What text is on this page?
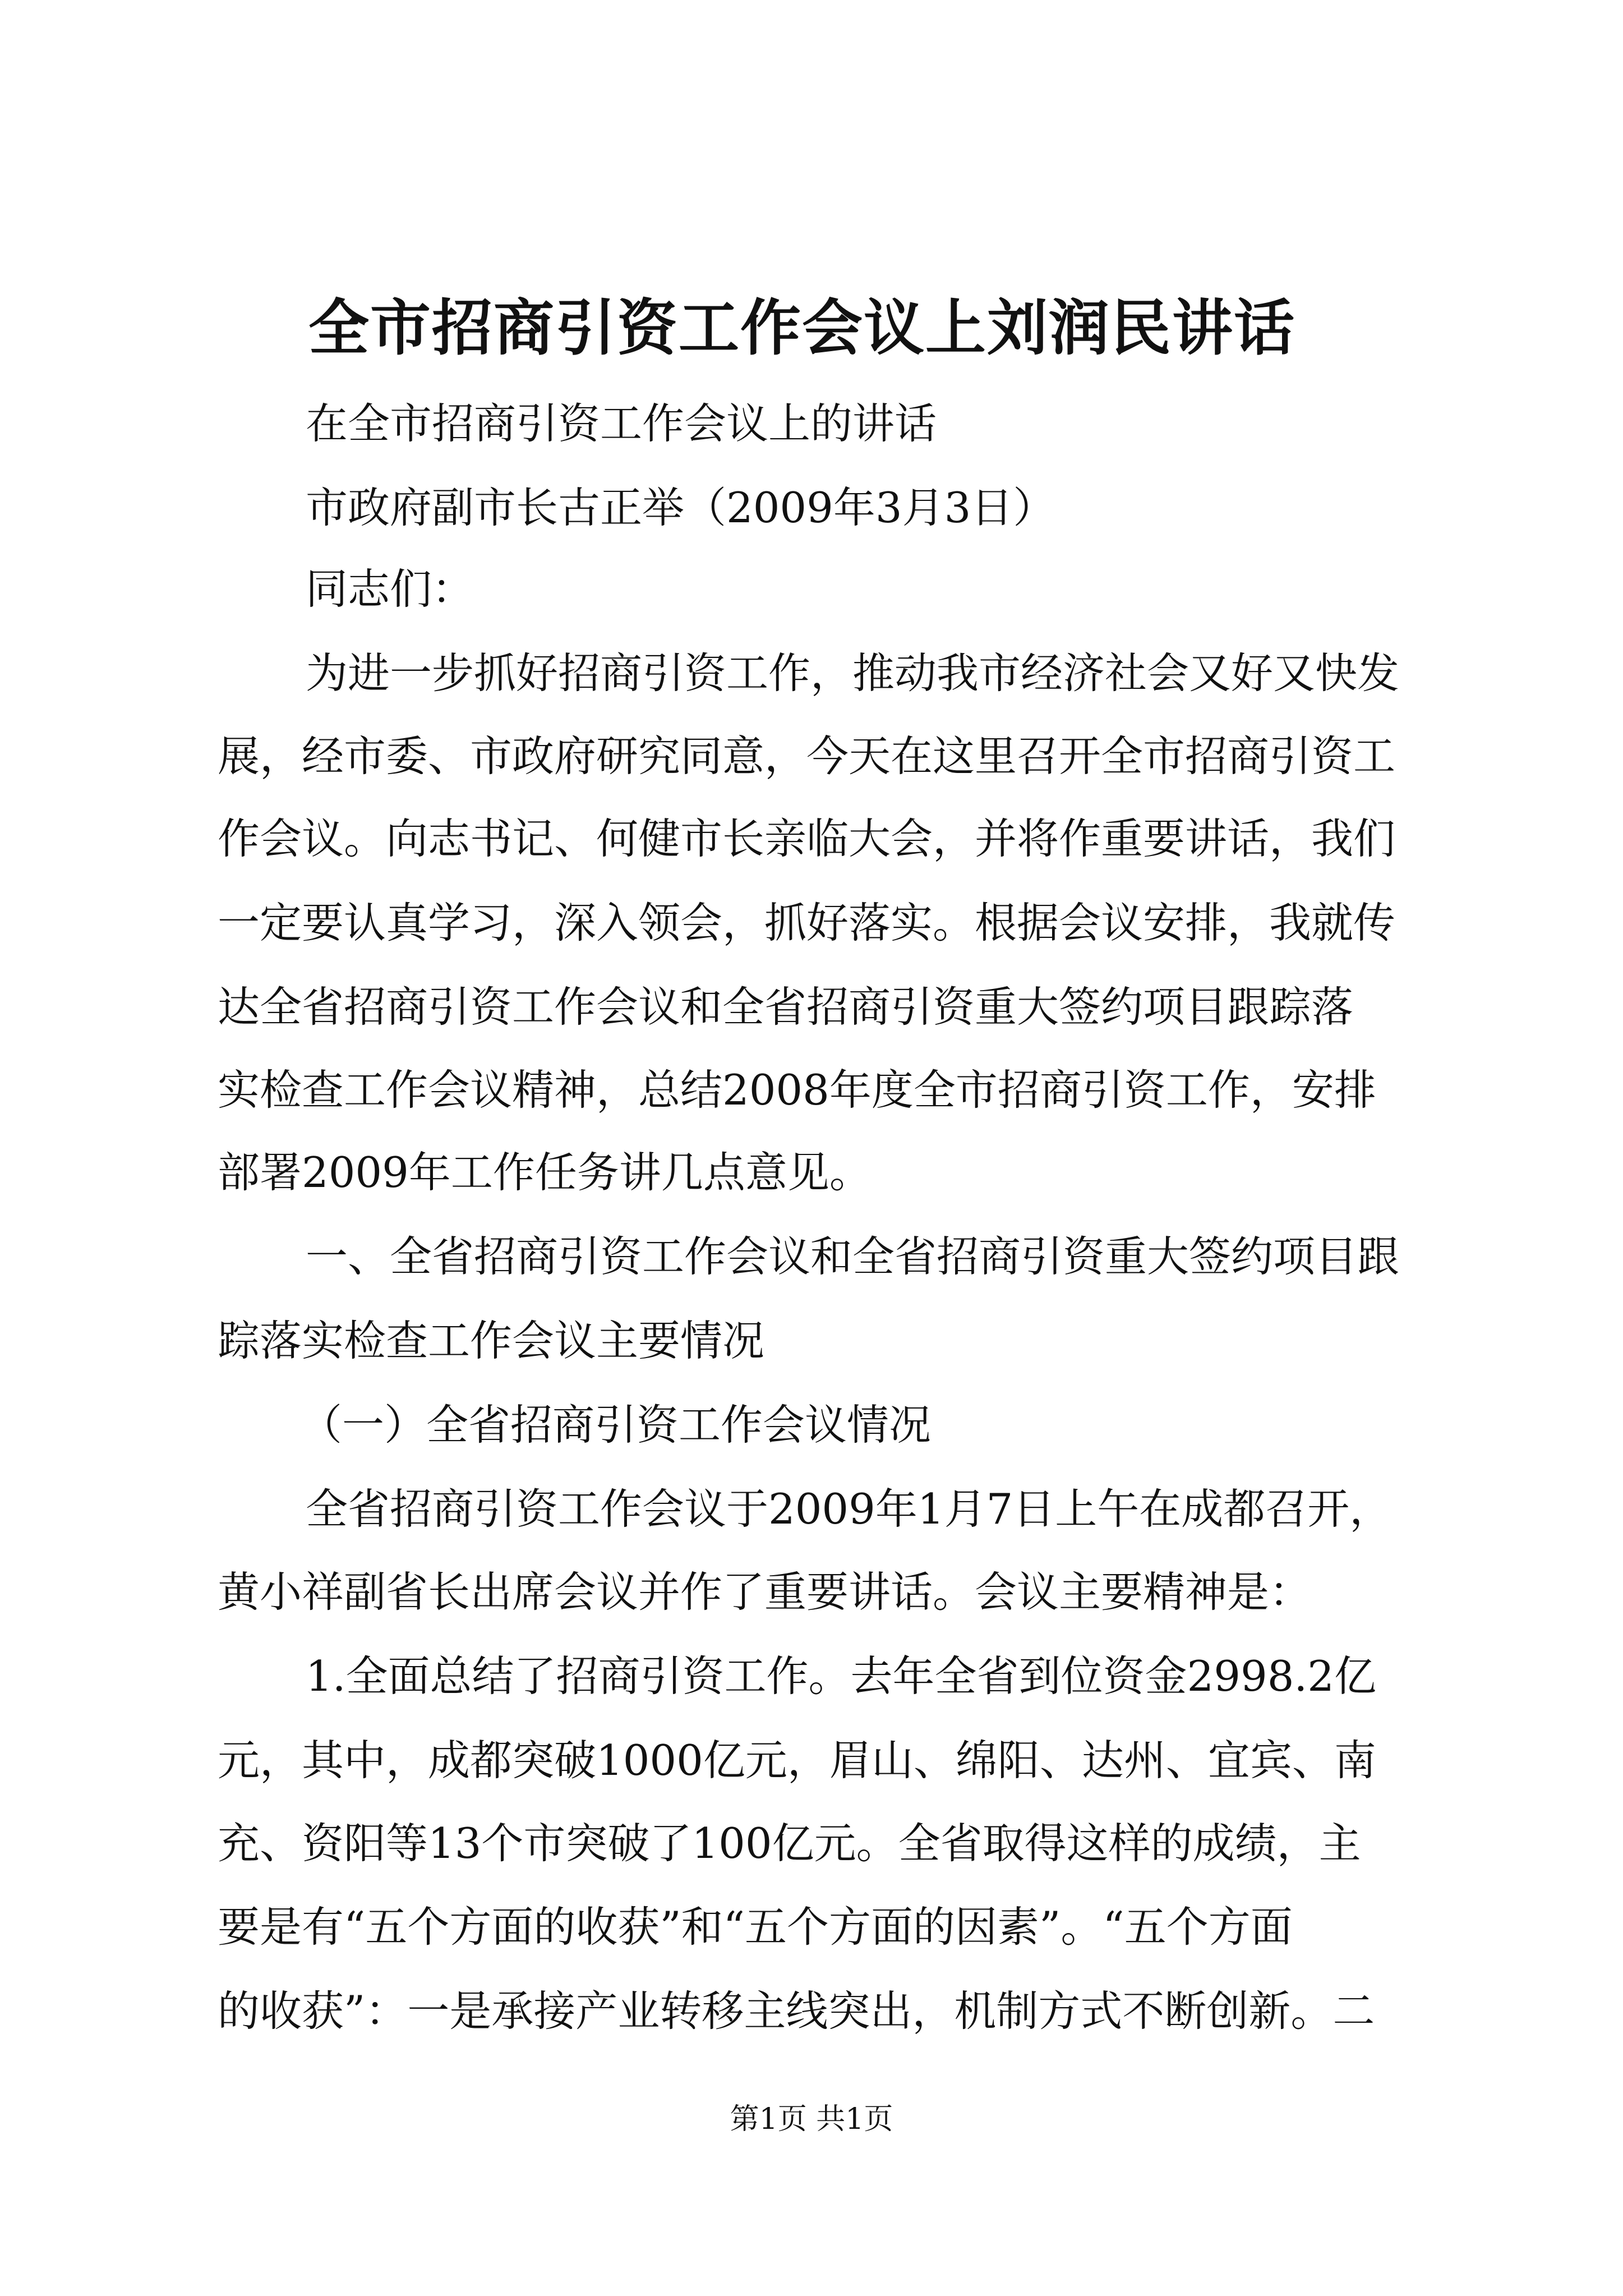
全市招商引资工作会议上刘润民讲话

在全市招商引资工作会议上的讲话

市政府副市长古正举（2009年3月3日）

同志们：

为进一步抓好招商引资工作，推动我市经济社会又好又快发

展，经市委、市政府研究同意，今天在这里召开全市招商引资工

作会议。向志书记、何健市长亲临大会，并将作重要讲话，我们

一定要认真学习，深入领会，抓好落实。根据会议安排，我就传

达全省招商引资工作会议和全省招商引资重大签约项目跟踪落

实检查工作会议精神，总结2008年度全市招商引资工作，安排

部署2009年工作任务讲几点意见。

一、全省招商引资工作会议和全省招商引资重大签约项目跟

踪落实检查工作会议主要情况

（一）全省招商引资工作会议情况

全省招商引资工作会议于2009年1月7日上午在成都召开，

黄小祥副省长出席会议并作了重要讲话。会议主要精神是：

1.全面总结了招商引资工作。去年全省到位资金2998.2亿

元，其中，成都突破1000亿元，眉山、绵阳、达州、宜宾、南

充、资阳等13个市突破了100亿元。全省取得这样的成绩，主

要是有“五个方面的收获”和“五个方面的因素”。“五个方面

的收获”：一是承接产业转移主线突出，机制方式不断创新。二

第1页 共1页
